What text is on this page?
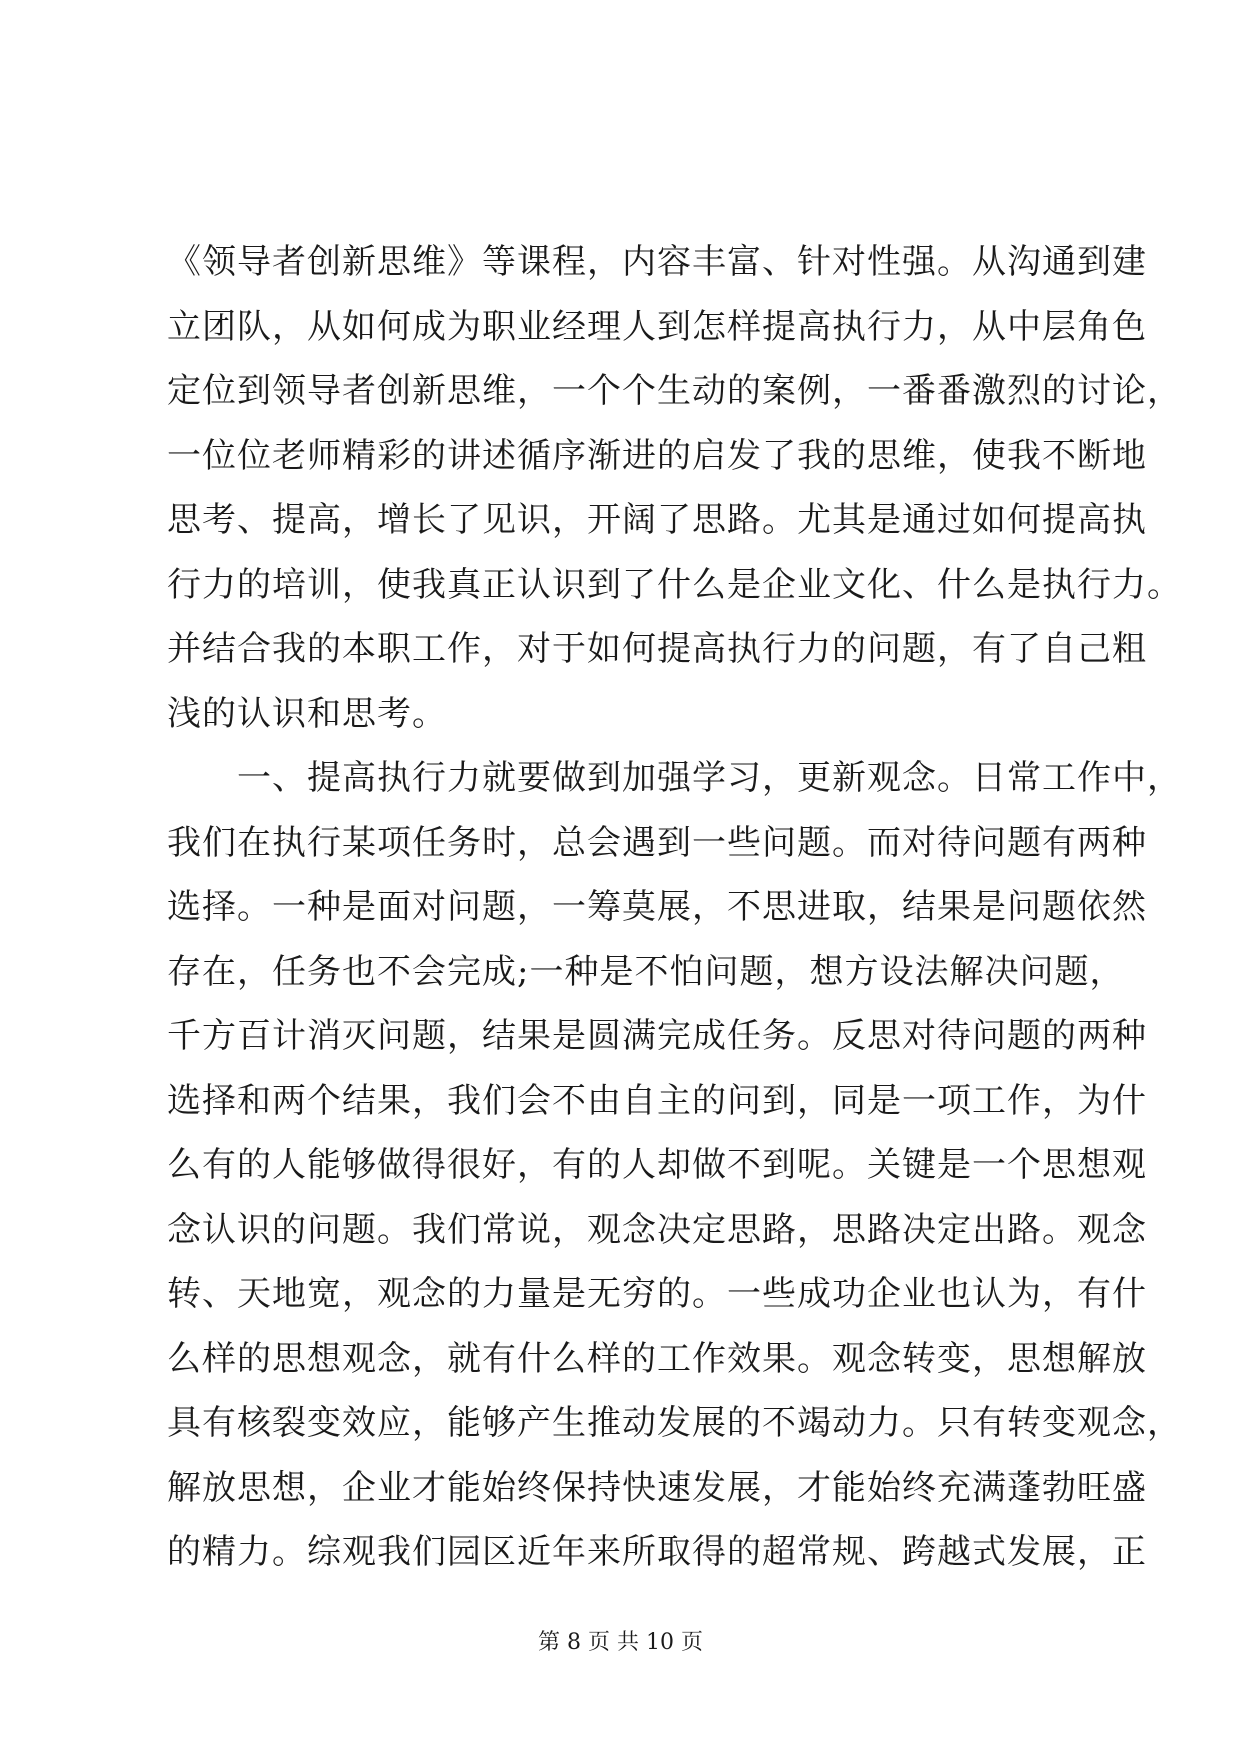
《领导者创新思维》等课程，内容丰富、针对性强。从沟通到建
立团队，从如何成为职业经理人到怎样提高执行力，从中层角色
定位到领导者创新思维，一个个生动的案例，一番番激烈的讨论，
一位位老师精彩的讲述循序渐进的启发了我的思维，使我不断地
思考、提高，增长了见识，开阔了思路。尤其是通过如何提高执
行力的培训，使我真正认识到了什么是企业文化、什么是执行力。
并结合我的本职工作，对于如何提高执行力的问题，有了自己粗
浅的认识和思考。
一、提高执行力就要做到加强学习，更新观念。日常工作中，
我们在执行某项任务时，总会遇到一些问题。而对待问题有两种
选择。一种是面对问题，一筹莫展，不思进取，结果是问题依然
存在，任务也不会完成;一种是不怕问题，想方设法解决问题，
千方百计消灭问题，结果是圆满完成任务。反思对待问题的两种
选择和两个结果，我们会不由自主的问到，同是一项工作，为什
么有的人能够做得很好，有的人却做不到呢。关键是一个思想观
念认识的问题。我们常说，观念决定思路，思路决定出路。观念
转、天地宽，观念的力量是无穷的。一些成功企业也认为，有什
么样的思想观念，就有什么样的工作效果。观念转变，思想解放
具有核裂变效应，能够产生推动发展的不竭动力。只有转变观念，
解放思想，企业才能始终保持快速发展，才能始终充满蓬勃旺盛
的精力。综观我们园区近年来所取得的超常规、跨越式发展，正
第 8 页 共 10 页
